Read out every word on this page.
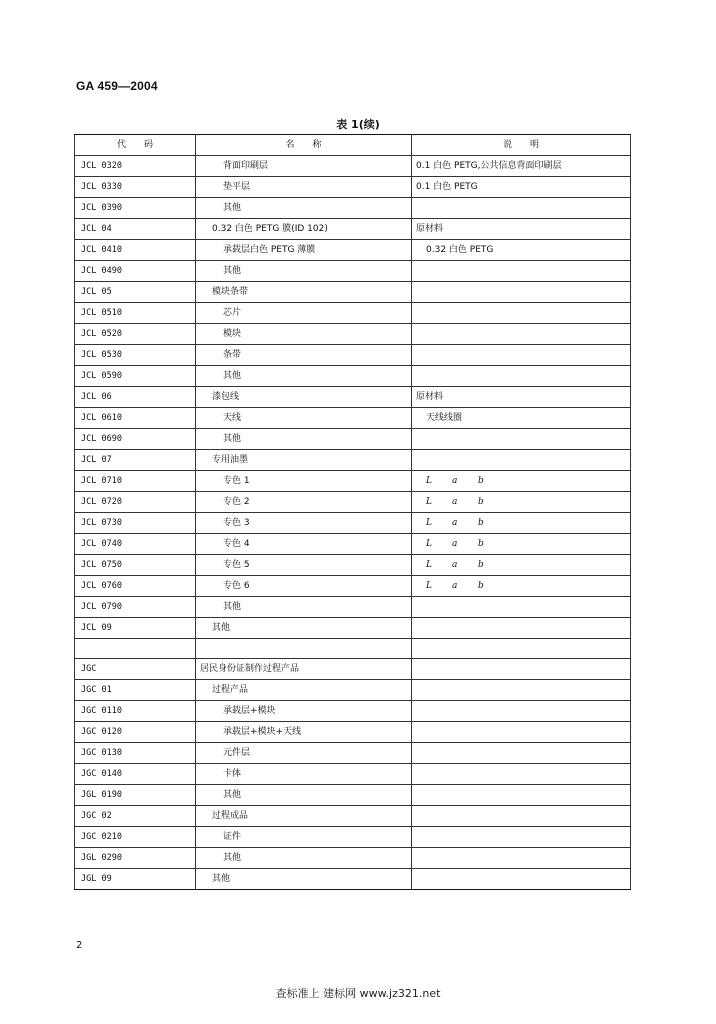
GA 459—2004
表 1(续)
代　　码	名　　称	说　　明
JCL 0320	背面印刷层	0.1 白色 PETG,公共信息背面印刷层
JCL 0330	垫平层	0.1 白色 PETG
JCL 0390	其他	
JCL 04	0.32 白色 PETG 膜(ID 102)	原材料
JCL 0410	承载层白色 PETG 薄膜	0.32 白色 PETG
JCL 0490	其他	
JCL 05	模块条带	
JCL 0510	芯片	
JCL 0520	模块	
JCL 0530	条带	
JCL 0590	其他	
JCL 06	漆包线	原材料
JCL 0610	天线	天线线圈
JCL 0690	其他	
JCL 07	专用油墨	
JCL 0710	专色 1	L a b
JCL 0720	专色 2	L a b
JCL 0730	专色 3	L a b
JCL 0740	专色 4	L a b
JCL 0750	专色 5	L a b
JCL 0760	专色 6	L a b
JCL 0790	其他	
JCL 09	其他	

JGC	居民身份证制作过程产品	
JGC 01	过程产品	
JGC 0110	承载层+模块	
JGC 0120	承载层+模块+天线	
JGC 0130	元件层	
JGC 0140	卡体	
JGL 0190	其他	
JGC 02	过程成品	
JGC 0210	证件	
JGL 0290	其他	
JGL 09	其他	
2
查标准上 建标网 www.jz321.net
